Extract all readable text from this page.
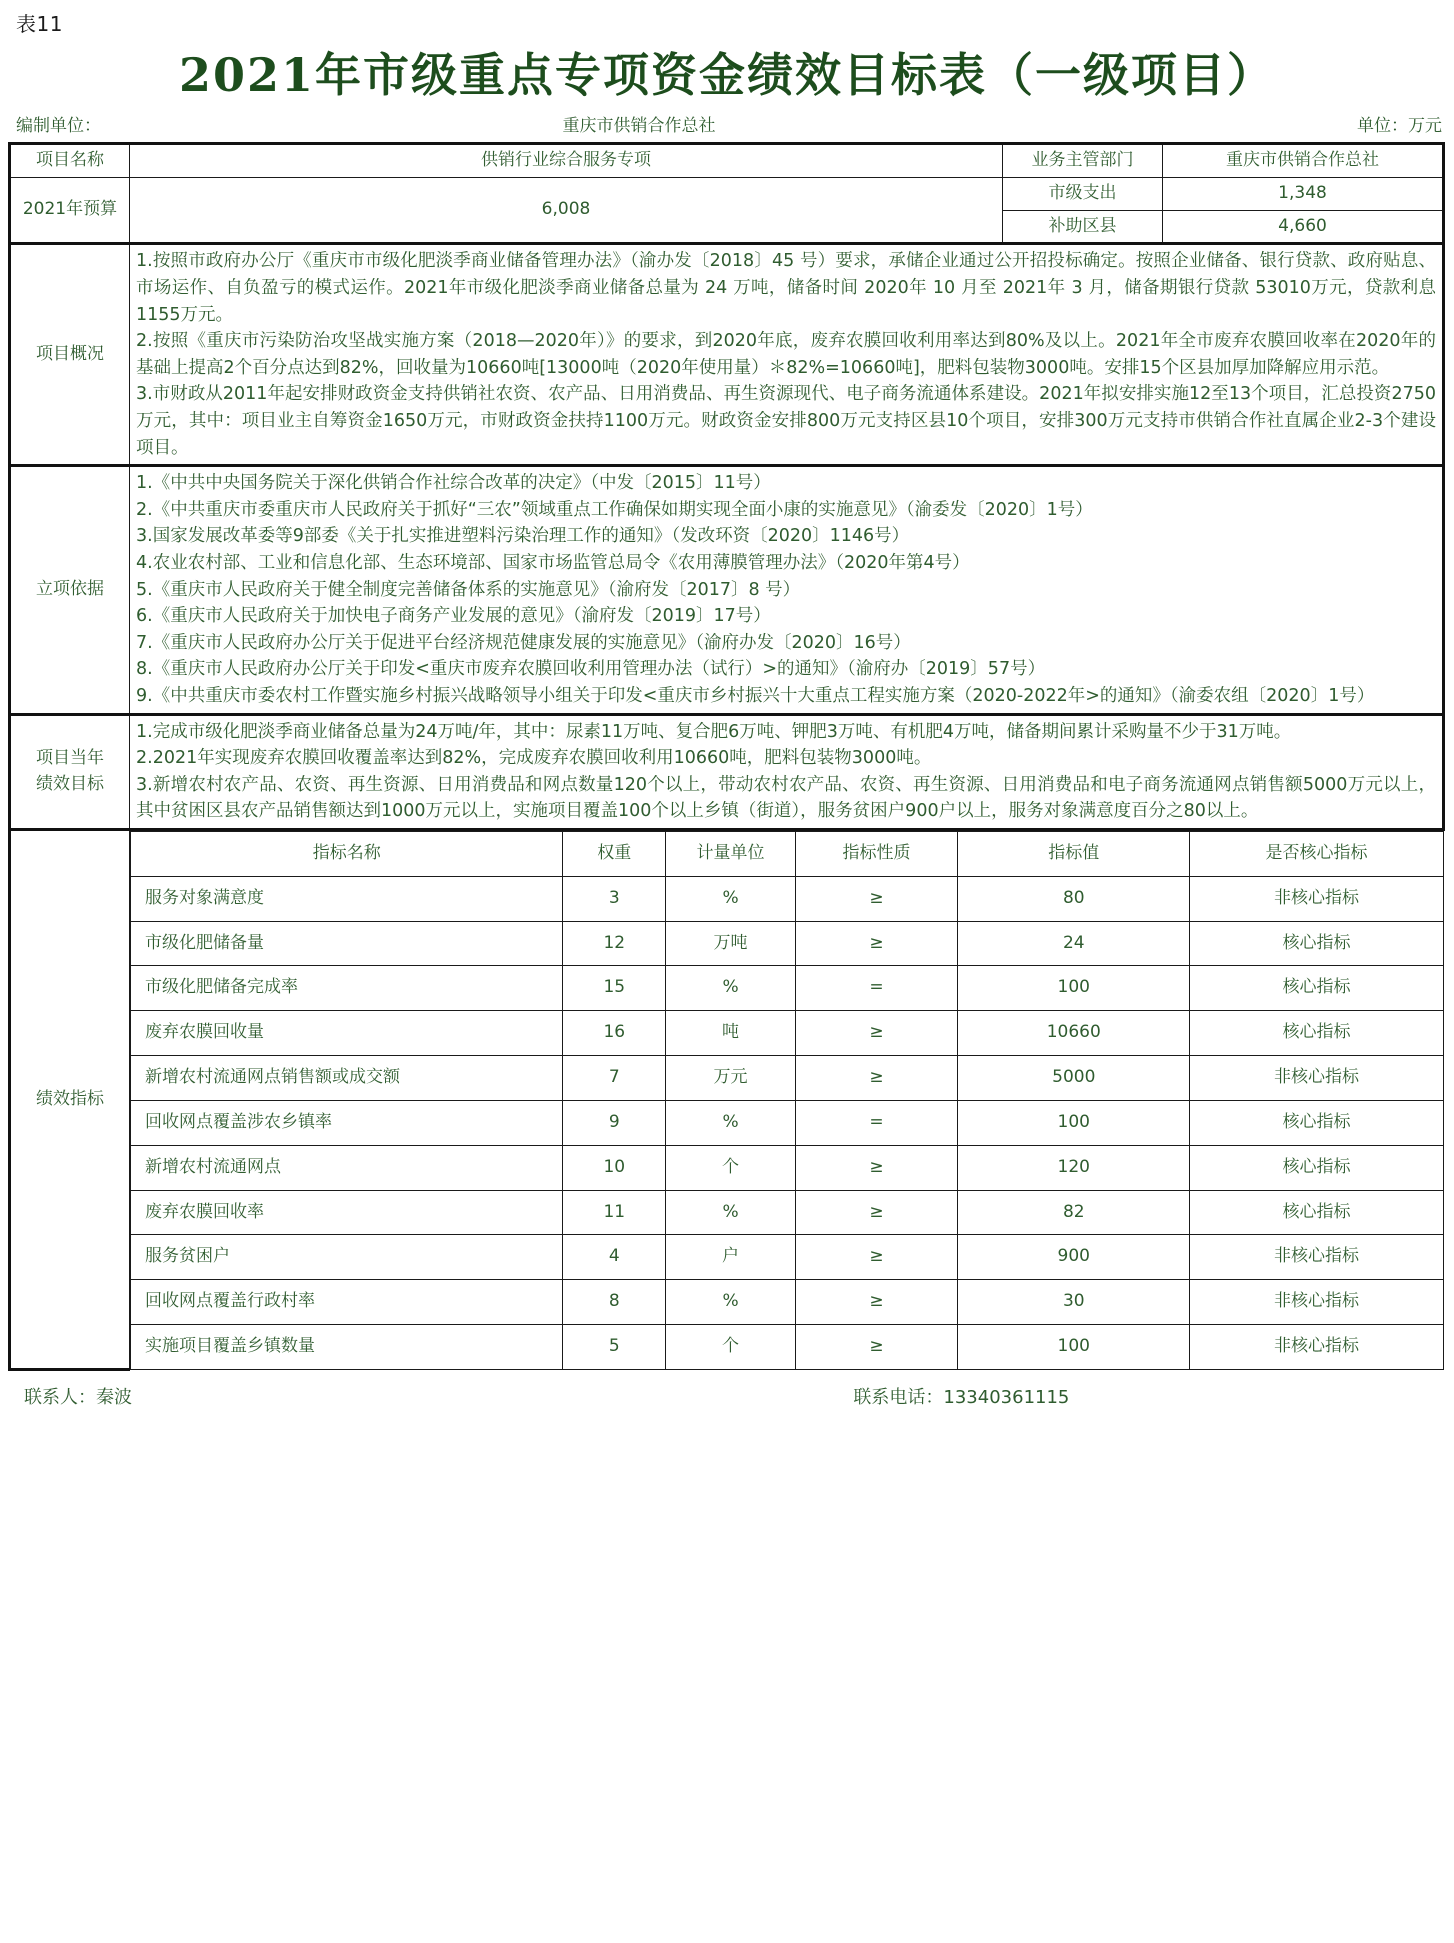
表11
2021年市级重点专项资金绩效目标表（一级项目）
编制单位：	重庆市供销合作总社	单位：万元
项目名称	供销行业综合服务专项	业务主管部门	重庆市供销合作总社
2021年预算	6,008	市级支出	1,348
补助区县	4,660
项目概况	

1.按照市政府办公厅《重庆市市级化肥淡季商业储备管理办法》（渝办发〔2018〕45 号）要求，承储企业通过公开招投标确定。按照企业储备、银行贷款、政府贴息、市场运作、自负盈亏的模式运作。2021年市级化肥淡季商业储备总量为 24 万吨，储备时间 2020年 10 月至 2021年 3 月，储备期银行贷款 53010万元，贷款利息1155万元。

2.按照《重庆市污染防治攻坚战实施方案（2018—2020年）》的要求，到2020年底，废弃农膜回收利用率达到80%及以上。2021年全市废弃农膜回收率在2020年的基础上提高2个百分点达到82%，回收量为10660吨[13000吨（2020年使用量）＊82%=10660吨]，肥料包装物3000吨。安排15个区县加厚加降解应用示范。

3.市财政从2011年起安排财政资金支持供销社农资、农产品、日用消费品、再生资源现代、电子商务流通体系建设。2021年拟安排实施12至13个项目，汇总投资2750万元，其中：项目业主自筹资金1650万元，市财政资金扶持1100万元。财政资金安排800万元支持区县10个项目，安排300万元支持市供销合作社直属企业2-3个建设项目。

立项依据	

1.《中共中央国务院关于深化供销合作社综合改革的决定》（中发〔2015〕11号）

2.《中共重庆市委重庆市人民政府关于抓好“三农”领域重点工作确保如期实现全面小康的实施意见》（渝委发〔2020〕1号）

3.国家发展改革委等9部委《关于扎实推进塑料污染治理工作的通知》（发改环资〔2020〕1146号）

4.农业农村部、工业和信息化部、生态环境部、国家市场监管总局令《农用薄膜管理办法》（2020年第4号）

5.《重庆市人民政府关于健全制度完善储备体系的实施意见》（渝府发〔2017〕8 号）

6.《重庆市人民政府关于加快电子商务产业发展的意见》（渝府发〔2019〕17号）

7.《重庆市人民政府办公厅关于促进平台经济规范健康发展的实施意见》（渝府办发〔2020〕16号）

8.《重庆市人民政府办公厅关于印发<重庆市废弃农膜回收利用管理办法（试行）>的通知》（渝府办〔2019〕57号）

9.《中共重庆市委农村工作暨实施乡村振兴战略领导小组关于印发<重庆市乡村振兴十大重点工程实施方案（2020-2022年>的通知》（渝委农组〔2020〕1号）

项目当年
绩效目标

1.完成市级化肥淡季商业储备总量为24万吨/年，其中：尿素11万吨、复合肥6万吨、钾肥3万吨、有机肥4万吨，储备期间累计采购量不少于31万吨。

2.2021年实现废弃农膜回收覆盖率达到82%，完成废弃农膜回收利用10660吨，肥料包装物3000吨。

3.新增农村农产品、农资、再生资源、日用消费品和网点数量120个以上，带动农村农产品、农资、再生资源、日用消费品和电子商务流通网点销售额5000万元以上，其中贫困区县农产品销售额达到1000万元以上，实施项目覆盖100个以上乡镇（街道），服务贫困户900户以上，服务对象满意度百分之80以上。

绩效指标	
指标名称	权重	计量单位	指标性质	指标值	是否核心指标
服务对象满意度	3	%	≥	80	非核心指标
市级化肥储备量	12	万吨	≥	24	核心指标
市级化肥储备完成率	15	%	=	100	核心指标
废弃农膜回收量	16	吨	≥	10660	核心指标
新增农村流通网点销售额或成交额	7	万元	≥	5000	非核心指标
回收网点覆盖涉农乡镇率	9	%	=	100	核心指标
新增农村流通网点	10	个	≥	120	核心指标
废弃农膜回收率	11	%	≥	82	核心指标
服务贫困户	4	户	≥	900	非核心指标
回收网点覆盖行政村率	8	%	≥	30	非核心指标
实施项目覆盖乡镇数量	5	个	≥	100	非核心指标
联系人：秦波	联系电话：13340361115
